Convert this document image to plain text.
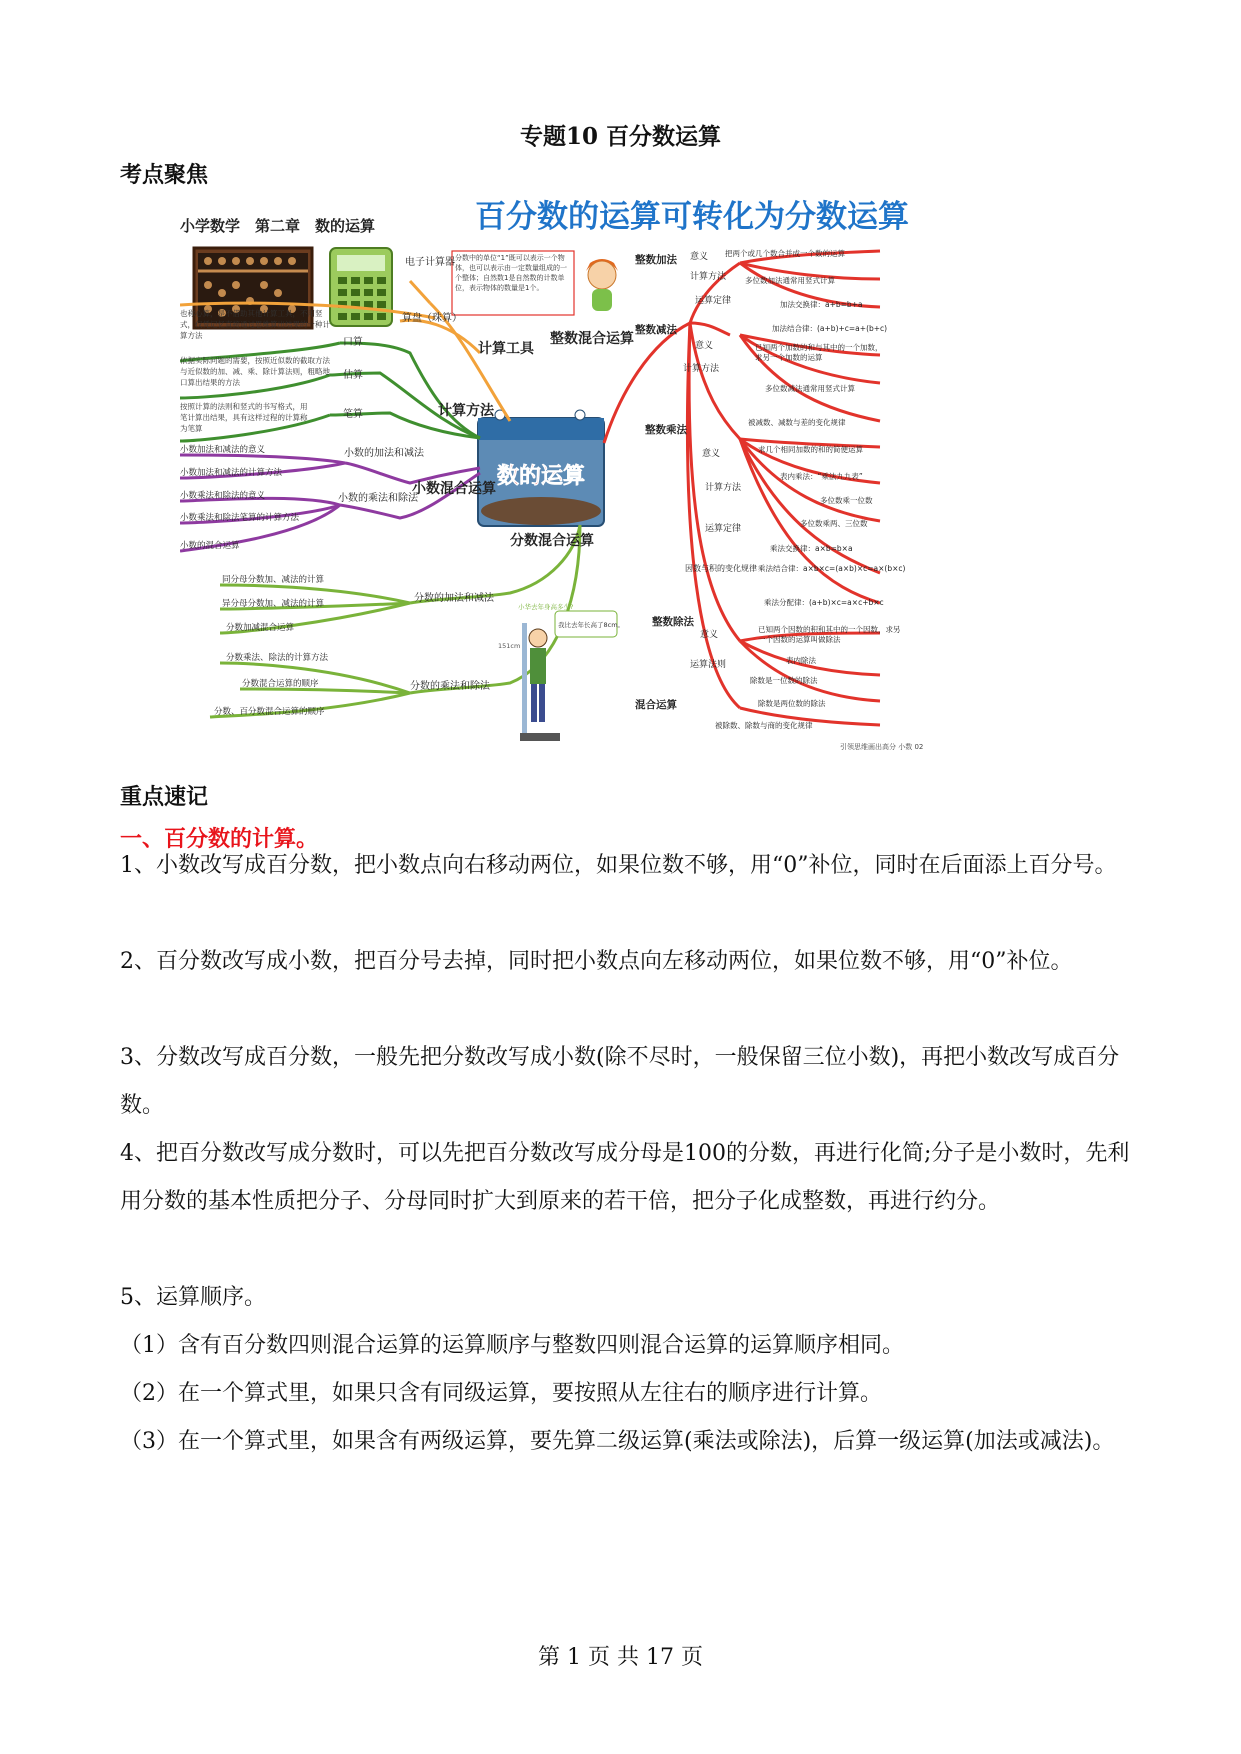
专题10 百分数运算
考点聚焦
百分数的运算可转化为分数运算
小学数学　第二章　数的运算
分数中的单位“1”既可以表示一个物体，也可以表示由一定数量组成的一个整体；自然数1是自然数的计数单位，表示物体的数量是1个。
数的运算
计算工具
电子计算器
算盘（珠算）
也称心算，是不借助其他计算工具，不用竖式，仅凭记忆直接通过思维算出结果的一种计算方法
计算方法
口算
估算
笔算
依据实际问题的需要，按照近似数的截取方法与近似数的加、减、乘、除计算法则，粗略地口算出结果的方法
按照计算的法则和竖式的书写格式，用笔计算出结果，具有这样过程的计算称为笔算
小数混合运算
小数的加法和减法
小数的乘法和除法
小数加法和减法的意义
小数加法和减法的计算方法
小数乘法和除法的意义
小数乘法和除法笔算的计算方法
小数的混合运算	分数混合运算
分数的加法和减法
分数的乘法和除法
同分母分数加、减法的计算
异分母分数加、减法的计算
分数加减混合运算
分数乘法、除法的计算方法
分数混合运算的顺序
分数、百分数混合运算的顺序
我比去年长高了8cm。
小华去年身高多少?
151cm
整数混合运算
整数加法 意义 把两个或几个数合并成一个数的运算
计算方法	多位数加法通常用竖式计算
运算定律	加法交换律：a+b=b+a
加法结合律：(a+b)+c=a+(b+c)
整数减法
意义	已知两个加数的和与其中的一个加数，求另一个加数的运算
计算方法
多位数减法通常用竖式计算
被减数、减数与差的变化规律
整数乘法
意义	求几个相同加数的和的简便运算
计算方法
表内乘法：“乘法九九表”
多位数乘一位数
多位数乘两、三位数
运算定律
乘法交换律：a×b=b×a
乘法结合律：a×b×c=(a×b)×c=a×(b×c)
乘法分配律：(a+b)×c=a×c+b×c
因数与积的变化规律
整数除法
意义
已知两个因数的积和其中的一个因数，求另一个因数的运算叫做除法
运算法则	表内除法
除数是一位数的除法
除数是两位数的除法
被除数、除数与商的变化规律
混合运算
引领思维画出高分 小数 02
重点速记
一、百分数的计算。
1、小数改写成百分数，把小数点向右移动两位，如果位数不够，用“0”补位，同时在后面添上百分号。
2、百分数改写成小数，把百分号去掉，同时把小数点向左移动两位，如果位数不够，用“0”补位。
3、分数改写成百分数，一般先把分数改写成小数(除不尽时，一般保留三位小数)，再把小数改写成百分数。
4、把百分数改写成分数时，可以先把百分数改写成分母是100的分数，再进行化简;分子是小数时，先利用分数的基本性质把分子、分母同时扩大到原来的若干倍，把分子化成整数，再进行约分。
5、运算顺序。
（1）含有百分数四则混合运算的运算顺序与整数四则混合运算的运算顺序相同。
（2）在一个算式里，如果只含有同级运算，要按照从左往右的顺序进行计算。
（3）在一个算式里，如果含有两级运算，要先算二级运算(乘法或除法)，后算一级运算(加法或减法)。
第 1 页 共 17 页
